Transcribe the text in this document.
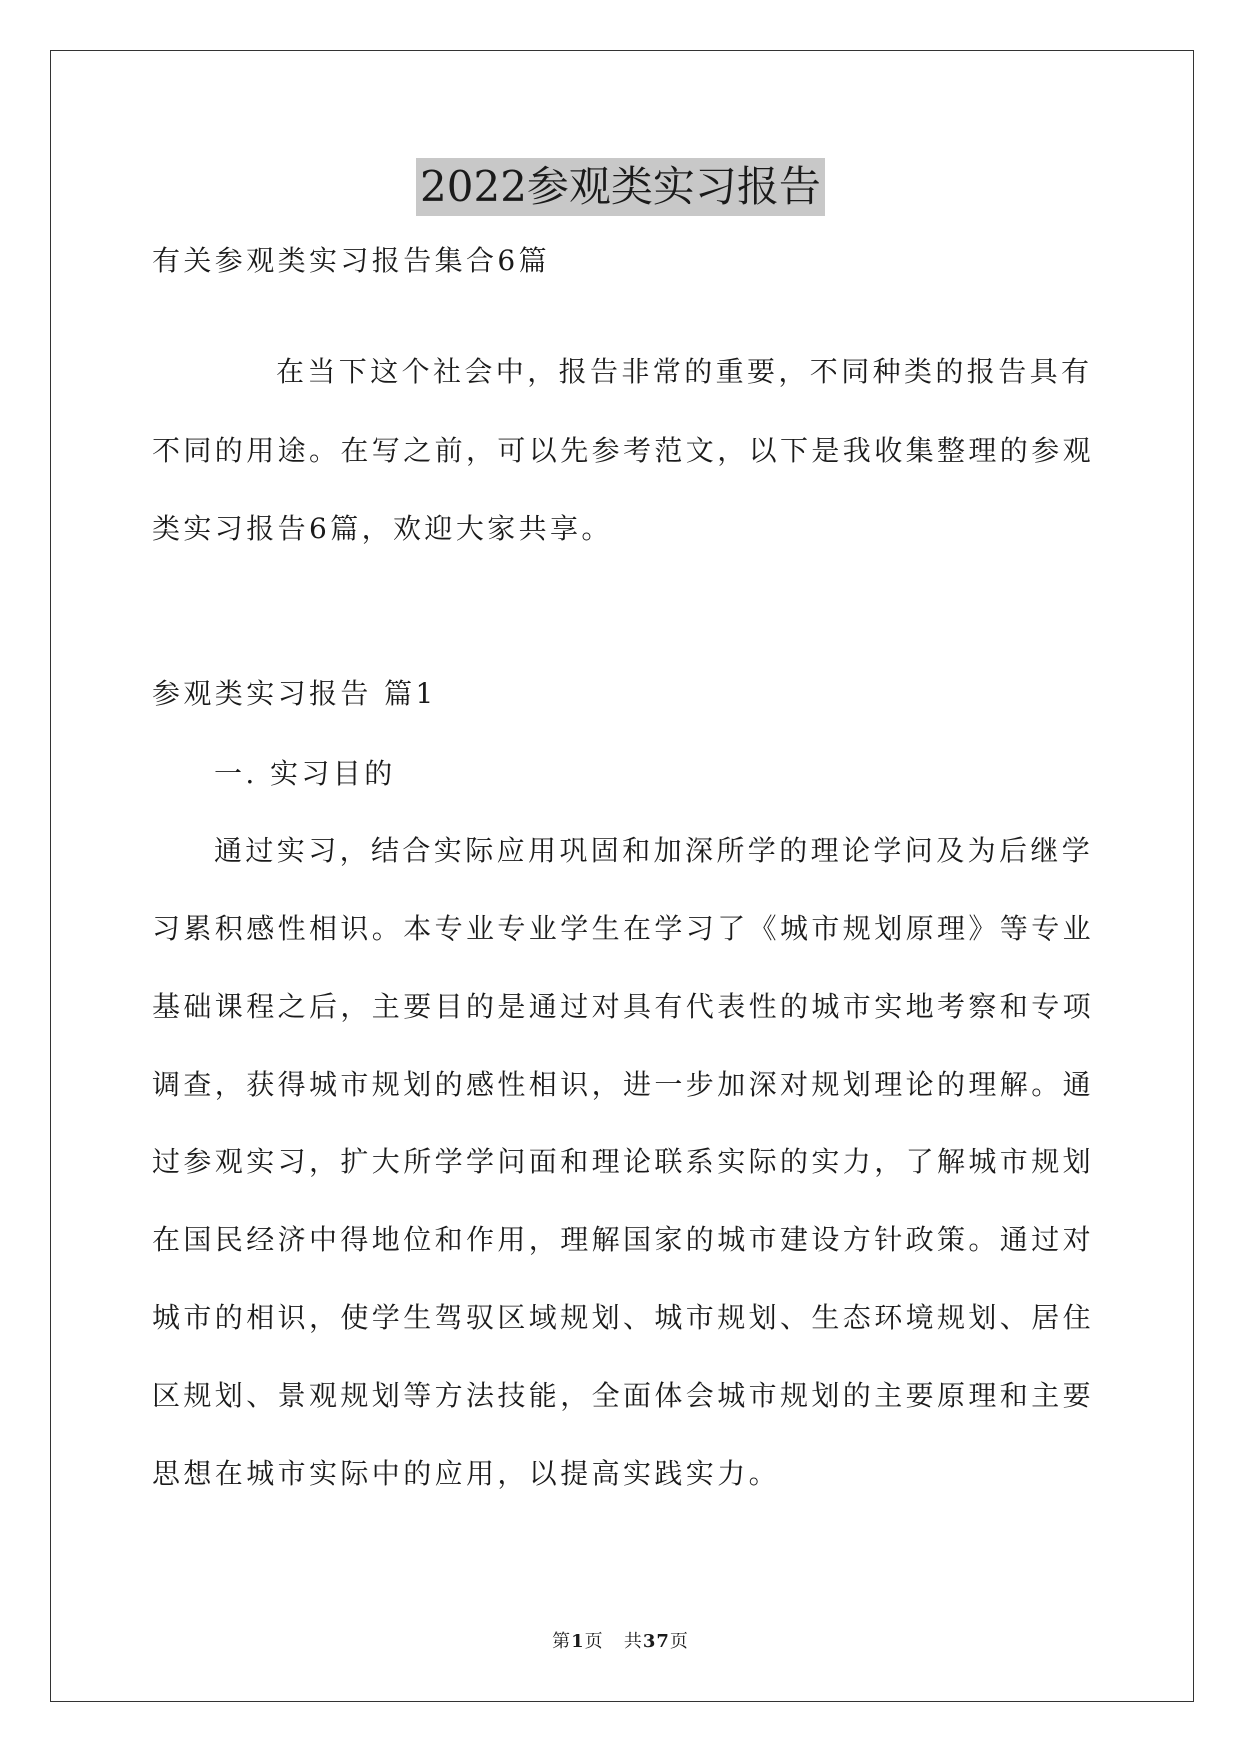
2022参观类实习报告
有关参观类实习报告集合6篇
在当下这个社会中，报告非常的重要，不同种类的报告具有
不同的用途。在写之前，可以先参考范文，以下是我收集整理的参观
类实习报告6篇，欢迎大家共享。
参观类实习报告 篇1
一. 实习目的
通过实习，结合实际应用巩固和加深所学的理论学问及为后继学
习累积感性相识。本专业专业学生在学习了《城市规划原理》等专业
基础课程之后，主要目的是通过对具有代表性的城市实地考察和专项
调查，获得城市规划的感性相识，进一步加深对规划理论的理解。通
过参观实习，扩大所学学问面和理论联系实际的实力，了解城市规划
在国民经济中得地位和作用，理解国家的城市建设方针政策。通过对
城市的相识，使学生驾驭区域规划、城市规划、生态环境规划、居住
区规划、景观规划等方法技能，全面体会城市规划的主要原理和主要
思想在城市实际中的应用，以提高实践实力。
第1页 共37页
